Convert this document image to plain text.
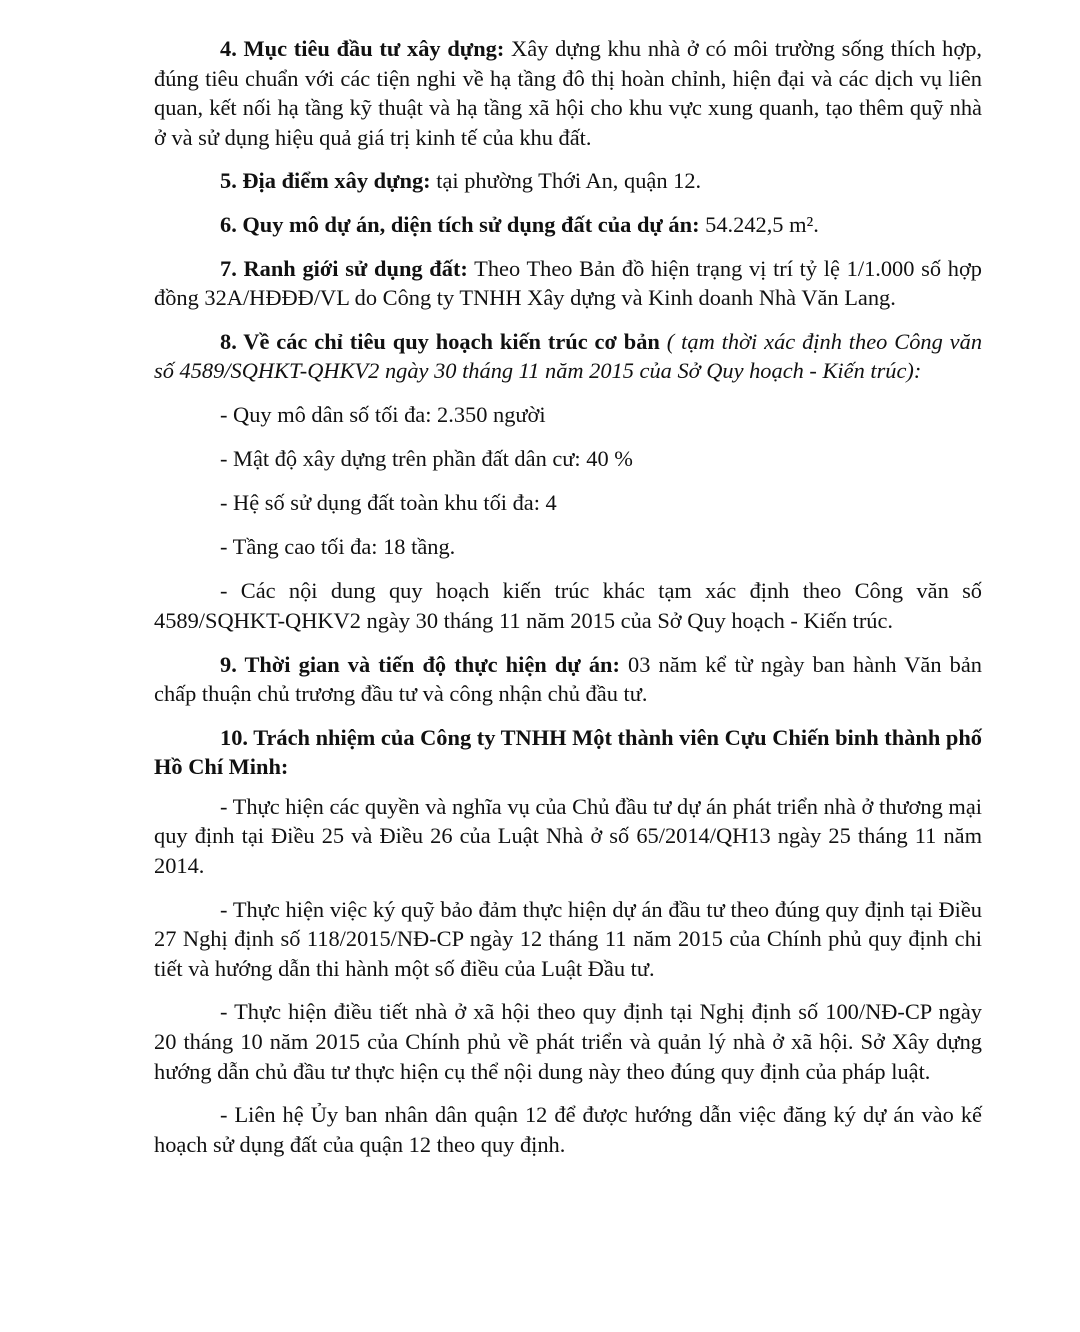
4. Mục tiêu đầu tư xây dựng: Xây dựng khu nhà ở có môi trường sống thích hợp, đúng tiêu chuẩn với các tiện nghi về hạ tầng đô thị hoàn chỉnh, hiện đại và các dịch vụ liên quan, kết nối hạ tầng kỹ thuật và hạ tầng xã hội cho khu vực xung quanh, tạo thêm quỹ nhà ở và sử dụng hiệu quả giá trị kinh tế của khu đất.

5. Địa điểm xây dựng: tại phường Thới An, quận 12.

6. Quy mô dự án, diện tích sử dụng đất của dự án: 54.242,5 m².

7. Ranh giới sử dụng đất: Theo Theo Bản đồ hiện trạng vị trí tỷ lệ 1/1.000 số hợp đồng 32A/HĐĐĐ/VL do Công ty TNHH Xây dựng và Kinh doanh Nhà Văn Lang.

8. Về các chỉ tiêu quy hoạch kiến trúc cơ bản ( tạm thời xác định theo Công văn số 4589/SQHKT-QHKV2 ngày 30 tháng 11 năm 2015 của Sở Quy hoạch - Kiến trúc):

- Quy mô dân số tối đa: 2.350 người

- Mật độ xây dựng trên phần đất dân cư: 40 %

- Hệ số sử dụng đất toàn khu tối đa: 4

- Tầng cao tối đa: 18 tầng.

- Các nội dung quy hoạch kiến trúc khác tạm xác định theo Công văn số 4589/SQHKT-QHKV2 ngày 30 tháng 11 năm 2015 của Sở Quy hoạch - Kiến trúc.

9. Thời gian và tiến độ thực hiện dự án: 03 năm kể từ ngày ban hành Văn bản chấp thuận chủ trương đầu tư và công nhận chủ đầu tư.

10. Trách nhiệm của Công ty TNHH Một thành viên Cựu Chiến binh thành phố Hồ Chí Minh:

- Thực hiện các quyền và nghĩa vụ của Chủ đầu tư dự án phát triển nhà ở thương mại quy định tại Điều 25 và Điều 26 của Luật Nhà ở số 65/2014/QH13 ngày 25 tháng 11 năm 2014.

- Thực hiện việc ký quỹ bảo đảm thực hiện dự án đầu tư theo đúng quy định tại Điều 27 Nghị định số 118/2015/NĐ-CP ngày 12 tháng 11 năm 2015 của Chính phủ quy định chi tiết và hướng dẫn thi hành một số điều của Luật Đầu tư.

- Thực hiện điều tiết nhà ở xã hội theo quy định tại Nghị định số 100/NĐ-CP ngày 20 tháng 10 năm 2015 của Chính phủ về phát triển và quản lý nhà ở xã hội. Sở Xây dựng hướng dẫn chủ đầu tư thực hiện cụ thể nội dung này theo đúng quy định của pháp luật.

- Liên hệ Ủy ban nhân dân quận 12 để được hướng dẫn việc đăng ký dự án vào kế hoạch sử dụng đất của quận 12 theo quy định.
